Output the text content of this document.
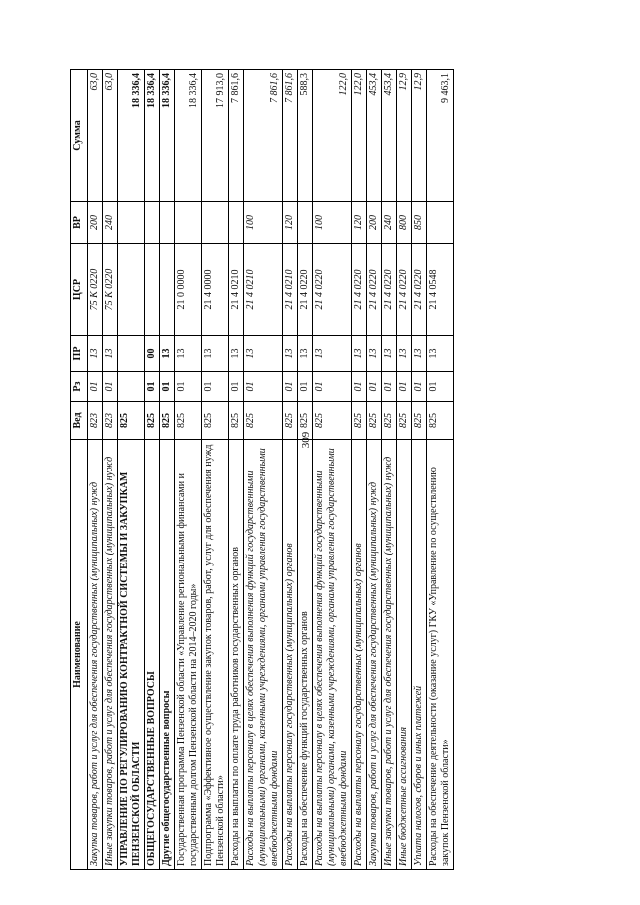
309
Наименование	Вед	Рз	ПР	ЦСР	ВР	Сумма
Закупка товаров, работ и услуг для обеспечения государственных (муниципальных) нужд	823	01	13	75 К 0220	200	63,0
Иные закупки товаров, работ и услуг для обеспечения государственных (муниципальных) нужд	823	01	13	75 К 0220	240	63,0
УПРАВЛЕНИЕ ПО РЕГУЛИРОВАНИЮ КОНТРАКТНОЙ СИСТЕМЫ И ЗАКУПКАМ ПЕНЗЕНСКОЙ ОБЛАСТИ	825					18 336,4
ОБЩЕГОСУДАРСТВЕННЫЕ ВОПРОСЫ	825	01	00			18 336,4
Другие общегосударственные вопросы	825	01	13			18 336,4
Государственная программа Пензенской области «Управление региональными финансами и государственным долгом Пензенской области на 2014–2020 годы»	825	01	13	21 0 0000		18 336,4
Подпрограмма «Эффективное осуществление закупок товаров, работ, услуг для обеспечения нужд Пензенской области»	825	01	13	21 4 0000		17 913,0
Расходы на выплаты по оплате труда работников государственных органов	825	01	13	21 4 0210		7 861,6
Расходы на выплаты персоналу в целях обеспечения выполнения функций государственными (муниципальными) органами, казенными учреждениями, органами управления государственными внебюджетными фондами	825	01	13	21 4 0210	100	7 861,6
Расходы на выплаты персоналу государственных (муниципальных) органов	825	01	13	21 4 0210	120	7 861,6
Расходы на обеспечение функций государственных органов	825	01	13	21 4 0220		588,3
Расходы на выплаты персоналу в целях обеспечения выполнения функций государственными (муниципальными) органами, казенными учреждениями, органами управления государственными внебюджетными фондами	825	01	13	21 4 0220	100	122,0
Расходы на выплаты персоналу государственных (муниципальных) органов	825	01	13	21 4 0220	120	122,0
Закупка товаров, работ и услуг для обеспечения государственных (муниципальных) нужд	825	01	13	21 4 0220	200	453,4
Иные закупки товаров, работ и услуг для обеспечения государственных (муниципальных) нужд	825	01	13	21 4 0220	240	453,4
Иные бюджетные ассигнования	825	01	13	21 4 0220	800	12,9
Уплата налогов, сборов и иных платежей	825	01	13	21 4 0220	850	12,9
Расходы на обеспечение деятельности (оказание услуг) ГКУ «Управление по осуществлению закупок Пензенской области»	825	01	13	21 4 0548		9 463,1
